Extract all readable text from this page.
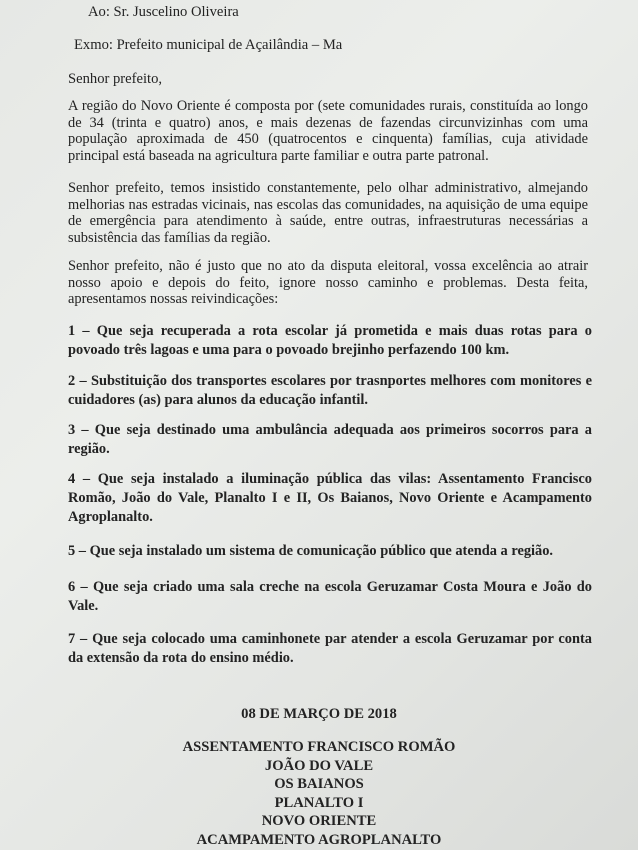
Ao: Sr. Juscelino Oliveira
Exmo: Prefeito municipal de Açailândia – Ma
Senhor prefeito,

A região do Novo Oriente é composta por (sete comunidades rurais, constituída ao longo de 34 (trinta e quatro) anos, e mais dezenas de fazendas circunvizinhas com uma população aproximada de 450 (quatrocentos e cinquenta) famílias, cuja atividade principal está baseada na agricultura parte familiar e outra parte patronal.

Senhor prefeito, temos insistido constantemente, pelo olhar administrativo, almejando melhorias nas estradas vicinais, nas escolas das comunidades, na aquisição de uma equipe de emergência para atendimento à saúde, entre outras, infraestruturas necessárias a subsistência das famílias da região.

Senhor prefeito, não é justo que no ato da disputa eleitoral, vossa excelência ao atrair nosso apoio e depois do feito, ignore nosso caminho e problemas. Desta feita, apresentamos nossas reivindicações:

1 – Que seja recuperada a rota escolar já prometida e mais duas rotas para o povoado três lagoas e uma para o povoado brejinho perfazendo 100 km.

2 – Substituição dos transportes escolares por trasnportes melhores com monitores e cuidadores (as) para alunos da educação infantil.

3 – Que seja destinado uma ambulância adequada aos primeiros socorros para a região.

4 – Que seja instalado a iluminação pública das vilas: Assentamento Francisco Romão, João do Vale, Planalto I e II, Os Baianos, Novo Oriente e Acampamento Agroplanalto.

5 – Que seja instalado um sistema de comunicação público que atenda a região.

6 – Que seja criado uma sala creche na escola Geruzamar Costa Moura e João do Vale.

7 – Que seja colocado uma caminhonete par atender a escola Geruzamar por conta da extensão da rota do ensino médio.

08 DE MARÇO DE 2018
ASSENTAMENTO FRANCISCO ROMÃO
JOÃO DO VALE
OS BAIANOS
PLANALTO I
NOVO ORIENTE
ACAMPAMENTO AGROPLANALTO
